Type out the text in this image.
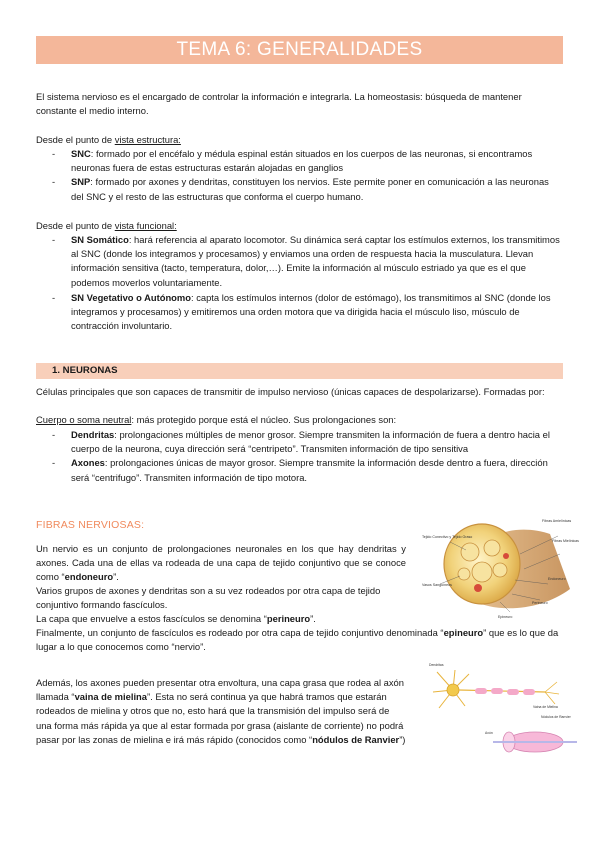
TEMA 6: GENERALIDADES

El sistema nervioso es el encargado de controlar la información e integrarla. La homeostasis: búsqueda de mantener constante el medio interno.

Desde el punto de vista estructura:

- SNC: formado por el encéfalo y médula espinal están situados en los cuerpos de las neuronas, si encontramos neuronas fuera de estas estructuras estarán alojadas en ganglios
- SNP: formado por axones y dendritas, constituyen los nervios. Este permite poner en comunicación a las neuronas del SNC y el resto de las estructuras que conforma el cuerpo humano.

Desde el punto de vista funcional:

- SN Somático: hará referencia al aparato locomotor. Su dinámica será captar los estímulos externos, los transmitimos al SNC (donde los integramos y procesamos) y enviamos una orden de respuesta hacia la musculatura. Llevan información sensitiva (tacto, temperatura, dolor,…). Emite la información al músculo estriado ya que es el que podemos moverlos voluntariamente.
- SN Vegetativo o Autónomo: capta los estímulos internos (dolor de estómago), los transmitimos al SNC (donde los integramos y procesamos) y emitiremos una orden motora que va dirigida hacia el músculo liso, músculo de contracción involuntario.
1. NEURONAS

Células principales que son capaces de transmitir de impulso nervioso (únicas capaces de despolarizarse). Formadas por:

Cuerpo o soma neutral: más protegido porque está el núcleo. Sus prolongaciones son:

- Dendritas: prolongaciones múltiples de menor grosor. Siempre transmiten la información de fuera a dentro hacia el cuerpo de la neurona, cuya dirección será “centripeto”. Transmiten información de tipo sensitiva
- Axones: prolongaciones únicas de mayor grosor. Siempre transmite la información desde dentro a fuera, dirección será “centrifugo”. Transmiten información de tipo motora.
FIBRAS NERVIOSAS:

Un nervio es un conjunto de prolongaciones neuronales en los que hay dendritas y axones. Cada una de ellas va rodeada de una capa de tejido conjuntivo que se conoce como “endoneuro”.

Varios grupos de axones y dendritas son a su vez rodeados por otra capa de tejido conjuntivo formando fascículos.

La capa que envuelve a estos fascículos se denomina “perineuro”.

Finalmente, un conjunto de fascículos es rodeado por otra capa de tejido conjuntivo denominada “epineuro” que es lo que da lugar a lo que conocemos como “nervio”.

Además, los axones pueden presentar otra envoltura, una capa grasa que rodea al axón llamada “vaina de mielina”. Esta no será continua ya que habrá tramos que estarán rodeados de mielina y otros que no, esto hará que la transmisión del impulso será de una forma más rápida ya que al estar formada por grasa (aislante de corriente) no podrá pasar por las zonas de mielina e irá más rápido (conocidos como “nódulos de Ranvier”)

Tejido Conectivo y Tejido Graso
Fibras Amielínicas
Fibras Mielínicas
Vasos Sanguíneos
Endoneuro
Perineuro
Epineuro
Dendritas
Vaina de Mielina
Nódulos de Ranvier
Axón
